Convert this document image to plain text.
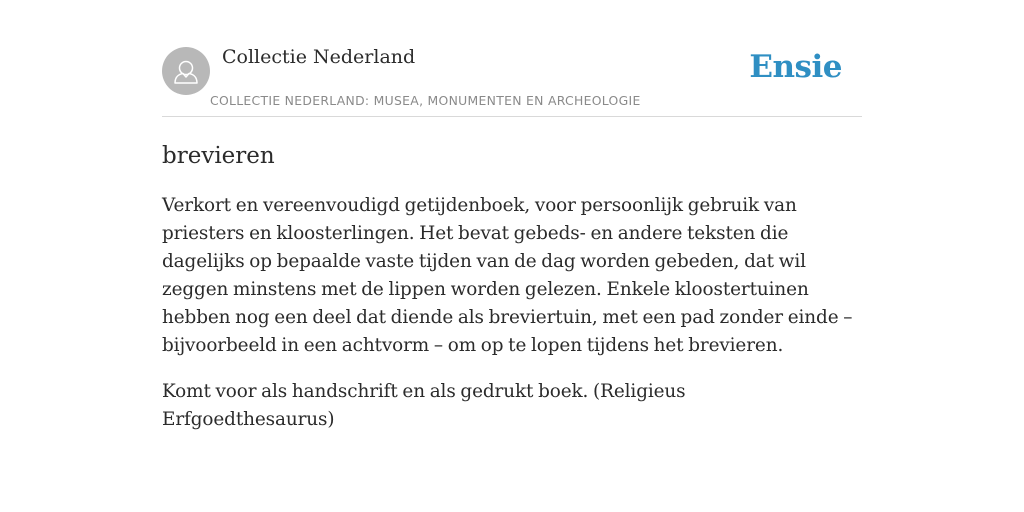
Collectie Nederland
COLLECTIE NEDERLAND: MUSEA, MONUMENTEN EN ARCHEOLOGIE
Ensie
brevieren

Verkort en vereenvoudigd getijdenboek, voor persoonlijk gebruik van priesters en kloosterlingen. Het bevat gebeds- en andere teksten die dagelijks op bepaalde vaste tijden van de dag worden gebeden, dat wil zeggen minstens met de lippen worden gelezen. Enkele kloostertuinen hebben nog een deel dat diende als breviertuin, met een pad zonder einde – bijvoorbeeld in een achtvorm – om op te lopen tijdens het brevieren.

Komt voor als handschrift en als gedrukt boek. (Religieus Erfgoedthesaurus)
